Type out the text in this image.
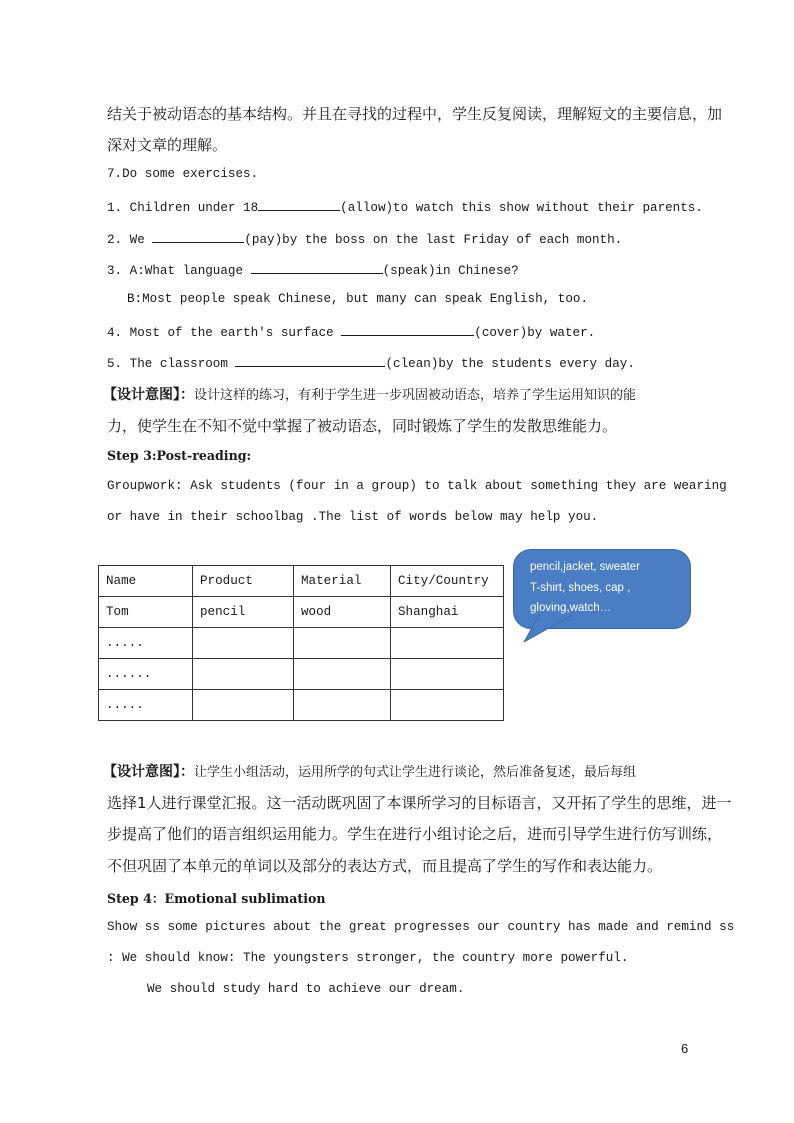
结关于被动语态的基本结构。并且在寻找的过程中，学生反复阅读，理解短文的主要信息，加
深对文章的理解。
7.Do some exercises.
1. Children under 18	(allow)to watch this show without their parents.
2. We	(pay)by the boss on the last Friday of each month.
3. A:What language	(speak)in Chinese?
B:Most people speak Chinese, but many can speak English, too.
4. Most of the earth's surface	(cover)by water.
5. The classroom	(clean)by the students every day.
【设计意图】：设计这样的练习，有利于学生进一步巩固被动语态，培养了学生运用知识的能
力，使学生在不知不觉中掌握了被动语态，同时锻炼了学生的发散思维能力。
Step 3:Post-reading:
Groupwork: Ask students (four in a group) to talk about something they are wearing
or have in their schoolbag .The list of words below may help you.
Name	Product	Material	City/Country
Tom	pencil	wood	Shanghai
.....			
......			
.....			
pencil,jacket, sweater
T-shirt, shoes, cap ,
gloving,watch…
【设计意图】：让学生小组活动，运用所学的句式让学生进行谈论，然后准备复述，最后每组
选择1人进行课堂汇报。这一活动既巩固了本课所学习的目标语言，又开拓了学生的思维，进一
步提高了他们的语言组织运用能力。学生在进行小组讨论之后，进而引导学生进行仿写训练，
不但巩固了本单元的单词以及部分的表达方式，而且提高了学生的写作和表达能力。
Step 4：Emotional sublimation
Show ss some pictures about the great progresses our country has made and remind ss
: We should know: The youngsters stronger, the country more powerful.
We should study hard to achieve our dream.
6
